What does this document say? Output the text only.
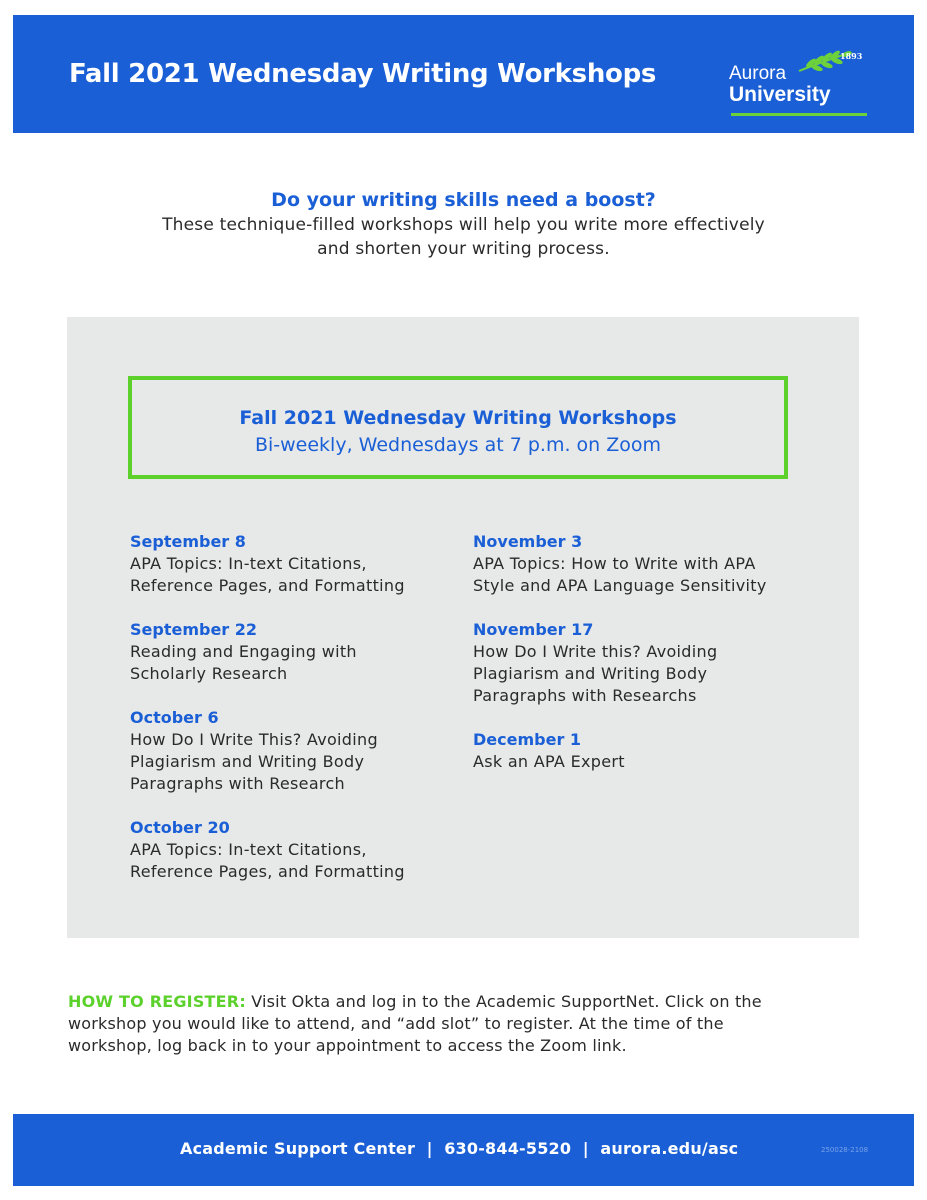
Fall 2021 Wednesday Writing Workshops
1893
Aurora
University

Do your writing skills need a boost?

These technique-filled workshops will help you write more effectively

and shorten your writing process.

Fall 2021 Wednesday Writing Workshops

Bi-weekly, Wednesdays at 7 p.m. on Zoom

September 8

APA Topics: In-text Citations,

Reference Pages, and Formatting

September 22

Reading and Engaging with

Scholarly Research

October 6

How Do I Write This? Avoiding

Plagiarism and Writing Body

Paragraphs with Research

October 20

APA Topics: In-text Citations,

Reference Pages, and Formatting

November 3

APA Topics: How to Write with APA

Style and APA Language Sensitivity

November 17

How Do I Write this? Avoiding

Plagiarism and Writing Body

Paragraphs with Researchs

December 1

Ask an APA Expert

HOW TO REGISTER: Visit Okta and log in to the Academic SupportNet. Click on the
workshop you would like to attend, and “add slot” to register. At the time of the
workshop, log back in to your appointment to access the Zoom link.
Academic Support Center | 630-844-5520 | aurora.edu/asc	250028-2108
